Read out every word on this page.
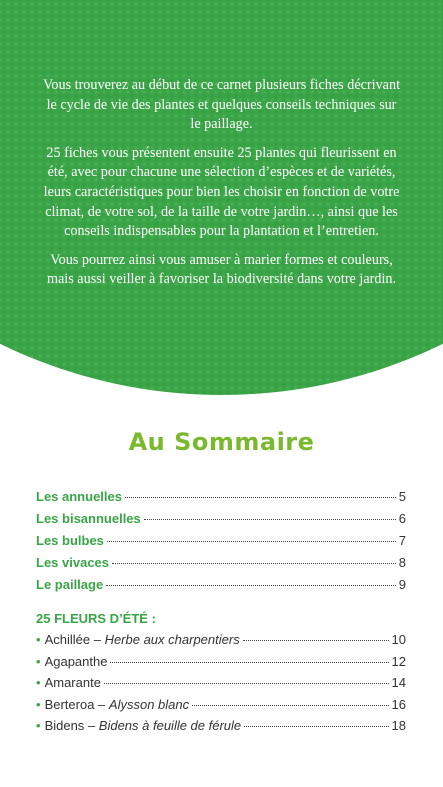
Vous trouverez au début de ce carnet plusieurs fiches décrivant le cycle de vie des plantes et quelques conseils techniques sur le paillage.

25 fiches vous présentent ensuite 25 plantes qui fleurissent en été, avec pour chacune une sélection d’espèces et de variétés, leurs caractéristiques pour bien les choisir en fonction de votre climat, de votre sol, de la taille de votre jardin…, ainsi que les conseils indispensables pour la plantation et l’entretien.

Vous pourrez ainsi vous amuser à marier formes et couleurs, mais aussi veiller à favoriser la biodiversité dans votre jardin.

Au Sommaire
Les annuelles	5
Les bisannuelles	6
Les bulbes	7
Les vivaces	8
Le paillage	9
25 FLEURS D’ÉTÉ :
• Achillée – Herbe aux charpentiers	10
• Agapanthe	12
• Amarante	14
• Berteroa – Alysson blanc	16
• Bidens – Bidens à feuille de férule	18
